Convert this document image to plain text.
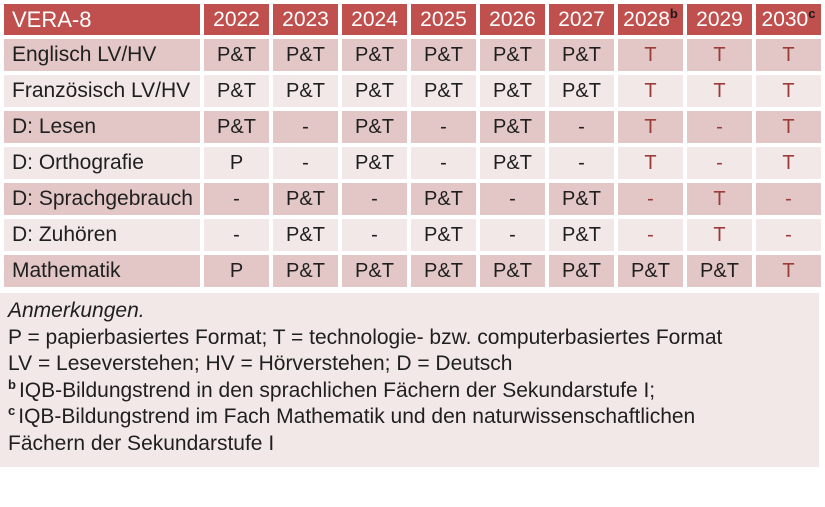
VERA-8	2022	2023	2024	2025	2026	2027	2028$^b$	2029	2030$^c$
Englisch LV/HV	P&T	P&T	P&T	P&T	P&T	P&T	T	T	T
Französisch LV/HV	P&T	P&T	P&T	P&T	P&T	P&T	T	T	T
D: Lesen	P&T	-	P&T	-	P&T	-	T	-	T
D: Orthografie	P	-	P&T	-	P&T	-	T	-	T
D: Sprachgebrauch	-	P&T	-	P&T	-	P&T	-	T	-
D: Zuhören	-	P&T	-	P&T	-	P&T	-	T	-
Mathematik	P	P&T	P&T	P&T	P&T	P&T	P&T	P&T	T
Anmerkungen.
P = papierbasiertes Format; T = technologie- bzw. computerbasiertes Format
LV = Leseverstehen; HV = Hörverstehen; D = Deutsch
$^b$ IQB-Bildungstrend in den sprachlichen Fächern der Sekundarstufe I;
$^c$ IQB-Bildungstrend im Fach Mathematik und den naturwissenschaftlichen
Fächern der Sekundarstufe I
